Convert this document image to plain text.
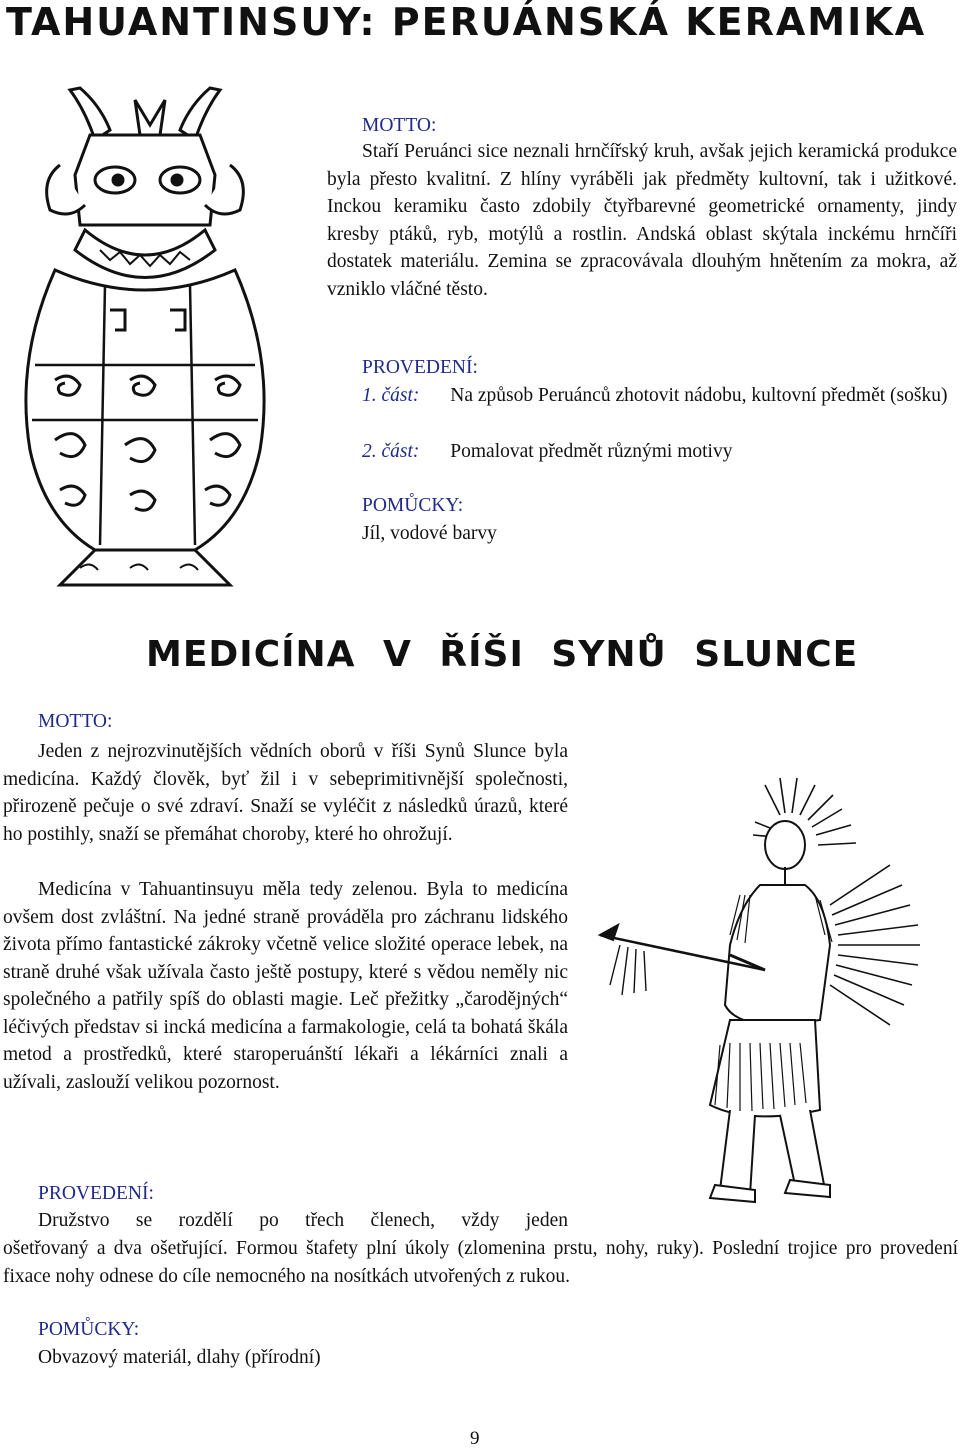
TAHUANTINSUY: PERUÁNSKÁ KERAMIKA
MOTTO:

Staří Peruánci sice neznali hrnčířský kruh, avšak jejich keramická produkce byla přesto kvalitní. Z hlíny vyráběli jak předměty kultovní, tak i užitkové. Inckou keramiku často zdobily čtyřbarevné geometrické ornamenty, jindy kresby ptáků, ryb, motýlů a rostlin. Andská oblast skýtala inckému hrnčíři dostatek materiálu. Zemina se zpracovávala dlouhým hnětením za mokra, až vzniklo vláčné těsto.

PROVEDENÍ:
1. část: Na způsob Peruánců zhotovit nádobu, kultovní předmět (sošku)
2. část: Pomalovat předmět různými motivy
POMŮCKY:
Jíl, vodové barvy
MEDICÍNA V ŘÍŠI SYNŮ SLUNCE
MOTTO:

Jeden z nejrozvinutějších vědních oborů v říši Synů Slunce byla medicína. Každý člověk, byť žil i v sebeprimitivnější společnosti, přirozeně pečuje o své zdraví. Snaží se vyléčit z následků úrazů, které ho postihly, snaží se přemáhat choroby, které ho ohrožují.

Medicína v Tahuantinsuyu měla tedy zelenou. Byla to medicína ovšem dost zvláštní. Na jedné straně prováděla pro záchranu lidského života přímo fantastické zákroky včetně velice složité operace lebek, na straně druhé však užívala často ještě postupy, které s vědou neměly nic společného a patřily spíš do oblasti magie. Leč přežitky „čarodějných“ léčivých představ si incká medicína a farmakologie, celá ta bohatá škála metod a prostředků, které staroperuánští lékaři a lékárníci znali a užívali, zaslouží velikou pozornost.

PROVEDENÍ:
Družstvo se rozdělí po třech členech, vždy jeden
ošetřovaný a dva ošetřující. Formou štafety plní úkoly (zlomenina prstu, nohy, ruky). Poslední trojice pro provedení fixace nohy odnese do cíle nemocného na nosítkách utvořených z rukou.
POMŮCKY:
Obvazový materiál, dlahy (přírodní)
9
